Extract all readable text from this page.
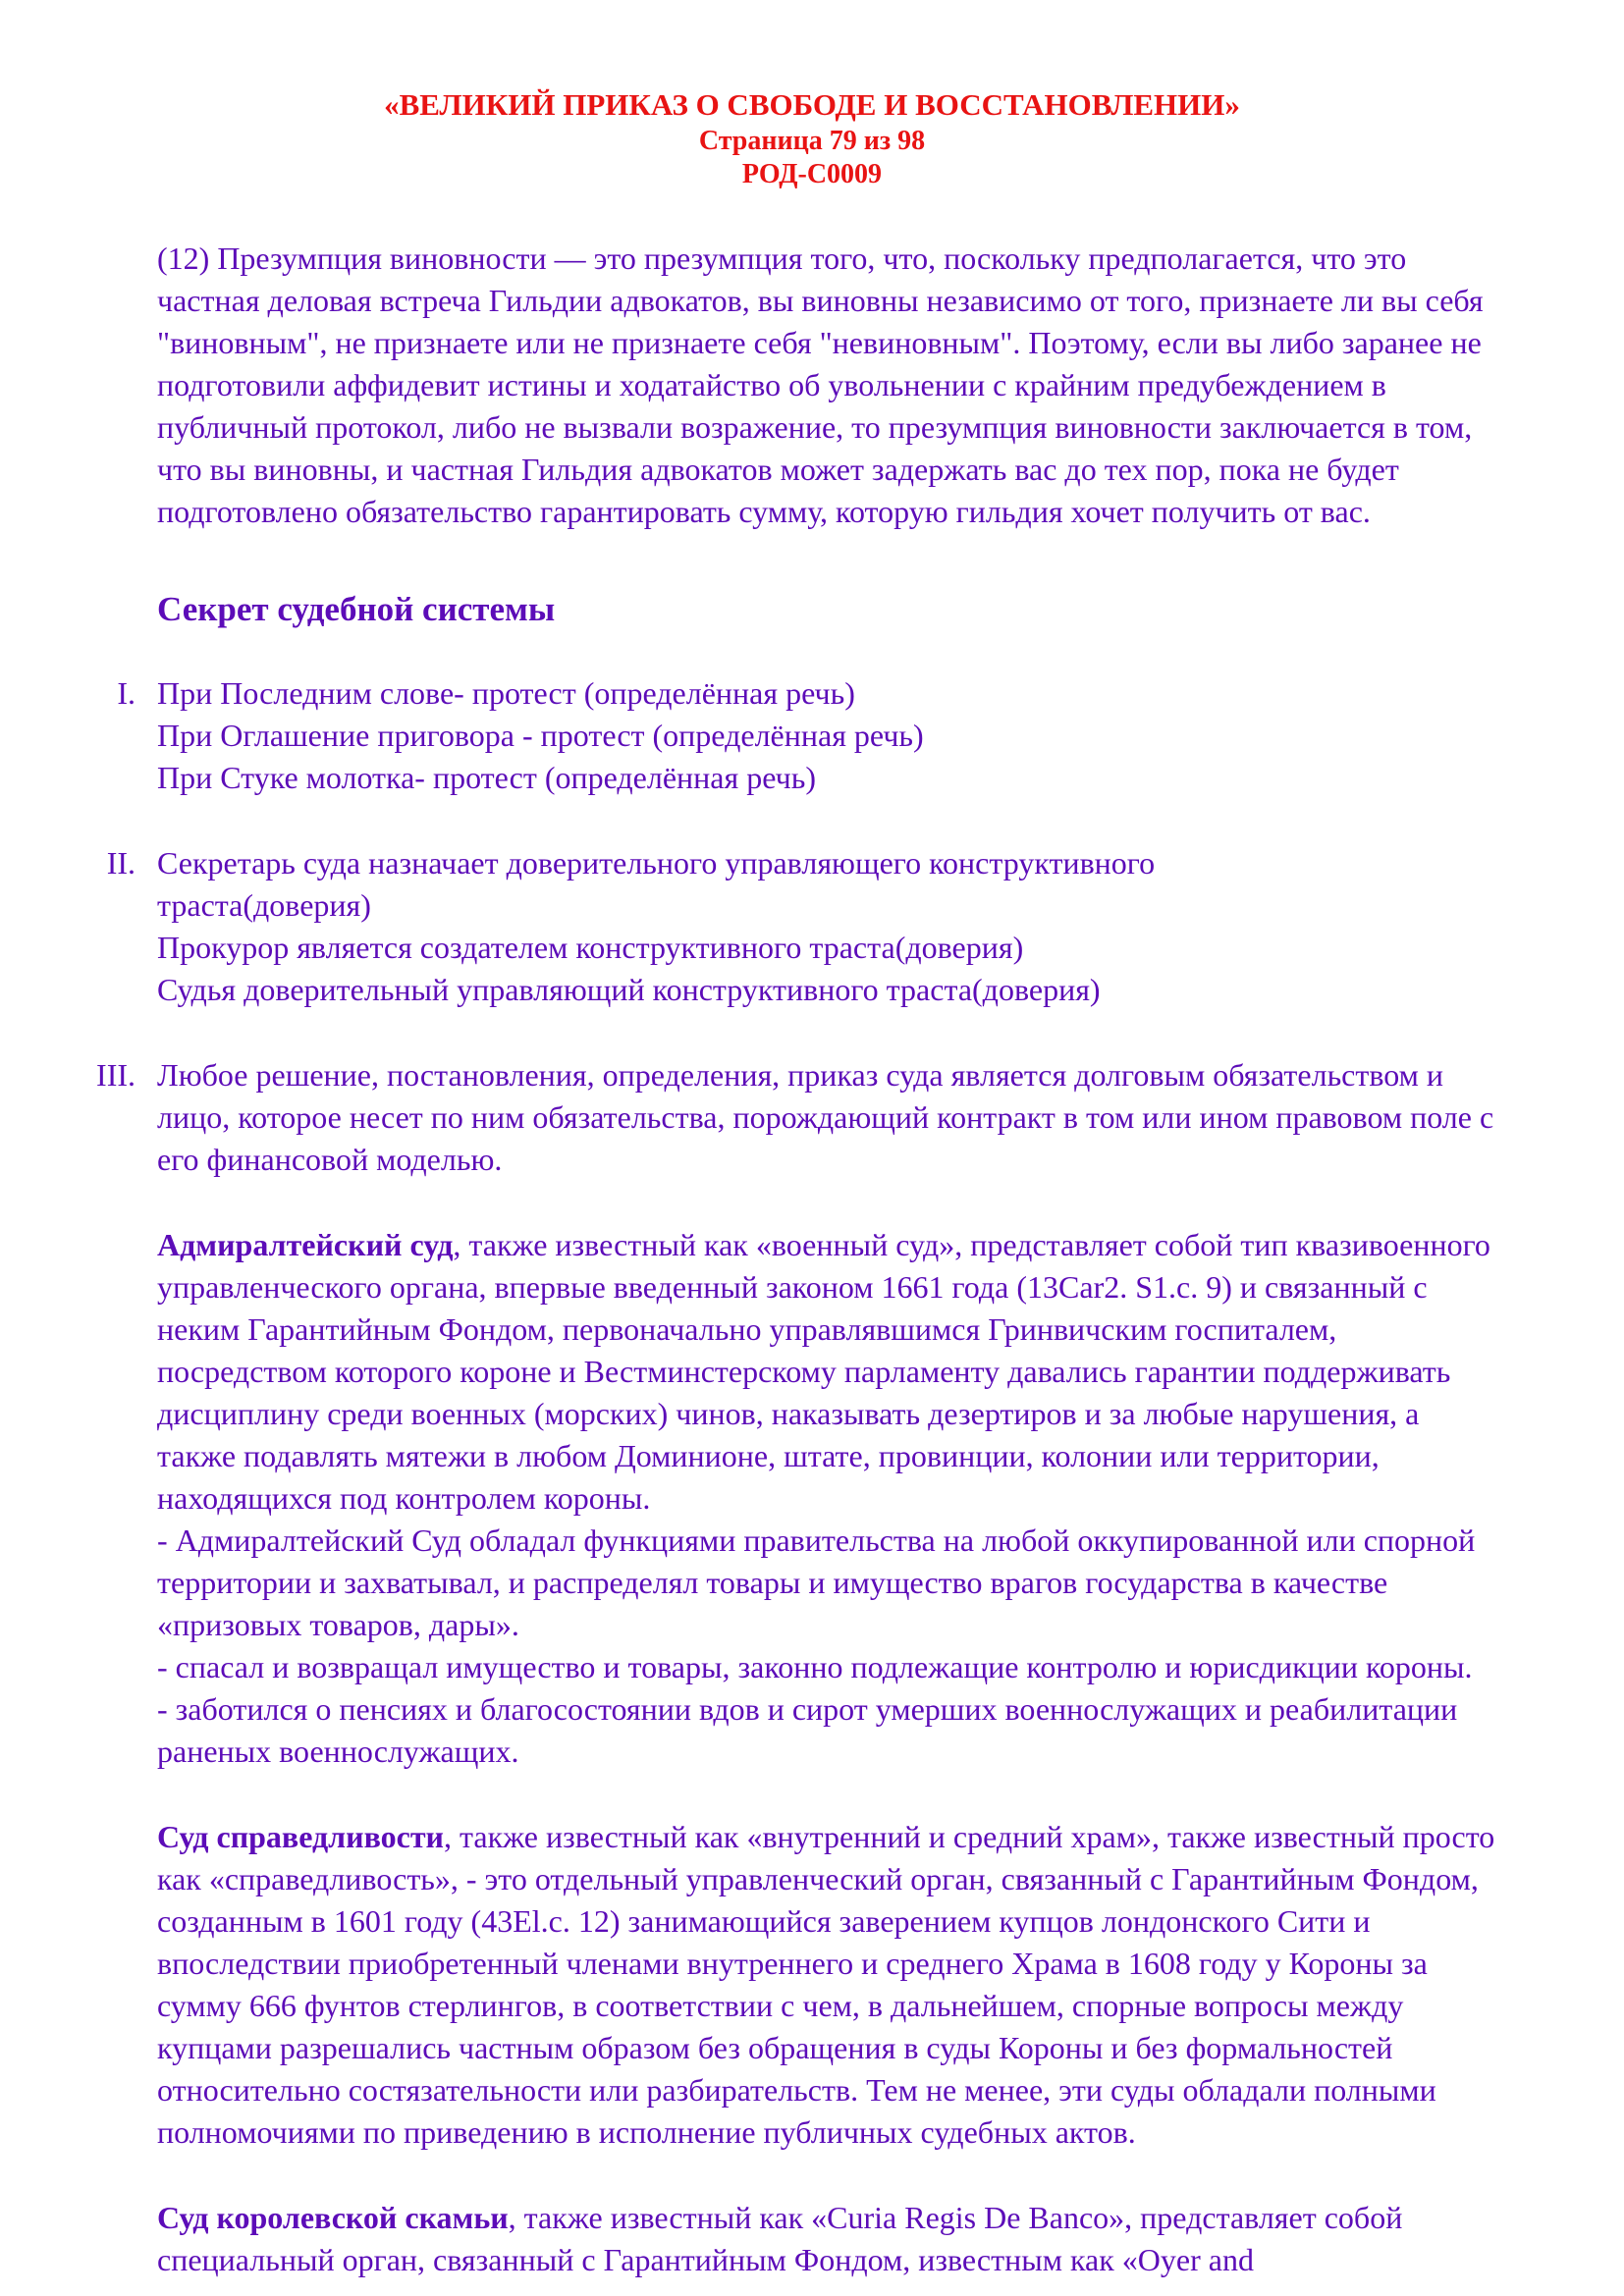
«ВЕЛИКИЙ ПРИКАЗ О СВОБОДЕ И ВОССТАНОВЛЕНИИ»
Страница 79 из 98
РОД-С0009

(12) Презумпция виновности — это презумпция того, что, поскольку предполагается, что это частная деловая встреча Гильдии адвокатов, вы виновны независимо от того, признаете ли вы себя "виновным", не признаете или не признаете себя "невиновным". Поэтому, если вы либо заранее не подготовили аффидевит истины и ходатайство об увольнении с крайним предубеждением в публичный протокол, либо не вызвали возражение, то презумпция виновности заключается в том, что вы виновны, и частная Гильдия адвокатов может задержать вас до тех пор, пока не будет подготовлено обязательство гарантировать сумму, которую гильдия хочет получить от вас.

Секрет судебной системы
I. При Последним слове- протест (определённая речь)
При Оглашение приговора - протест (определённая речь)
При Стуке молотка- протест (определённая речь)
II. Секретарь суда назначает доверительного управляющего конструктивного
траста(доверия)
Прокурор является создателем конструктивного траста(доверия)
Судья доверительный управляющий конструктивного траста(доверия)
III. Любое решение, постановления, определения, приказ суда является долговым обязательством и лицо, которое несет по ним обязательства, порождающий контракт в том или ином правовом поле с его финансовой моделью.

Адмиралтейский суд, также известный как «военный суд», представляет собой тип квазивоенного управленческого органа, впервые введенный законом 1661 года (13Car2. S1.c. 9) и связанный с неким Гарантийным Фондом, первоначально управлявшимся Гринвичским госпиталем, посредством которого короне и Вестминстерскому парламенту давались гарантии поддерживать дисциплину среди военных (морских) чинов, наказывать дезертиров и за любые нарушения, а также подавлять мятежи в любом Доминионе, штате, провинции, колонии или территории, находящихся под контролем короны.

- Адмиралтейский Суд обладал функциями правительства на любой оккупированной или спорной территории и захватывал, и распределял товары и имущество врагов государства в качестве «призовых товаров, дары».
- спасал и возвращал имущество и товары, законно подлежащие контролю и юрисдикции короны.
- заботился о пенсиях и благосостоянии вдов и сирот умерших военнослужащих и реабилитации раненых военнослужащих.

Суд справедливости, также известный как «внутренний и средний храм», также известный просто как «справедливость», - это отдельный управленческий орган, связанный с Гарантийным Фондом, созданным в 1601 году (43El.c. 12) занимающийся заверением купцов лондонского Сити и впоследствии приобретенный членами внутреннего и среднего Храма в 1608 году у Короны за сумму 666 фунтов стерлингов, в соответствии с чем, в дальнейшем, спорные вопросы между купцами разрешались частным образом без обращения в суды Короны и без формальностей относительно состязательности или разбирательств. Тем не менее, эти суды обладали полными полномочиями по приведению в исполнение публичных судебных актов.

Суд королевской скамьи, также известный как «Curia Regis De Banco», представляет собой специальный орган, связанный с Гарантийным Фондом, известным как «Oyer and
